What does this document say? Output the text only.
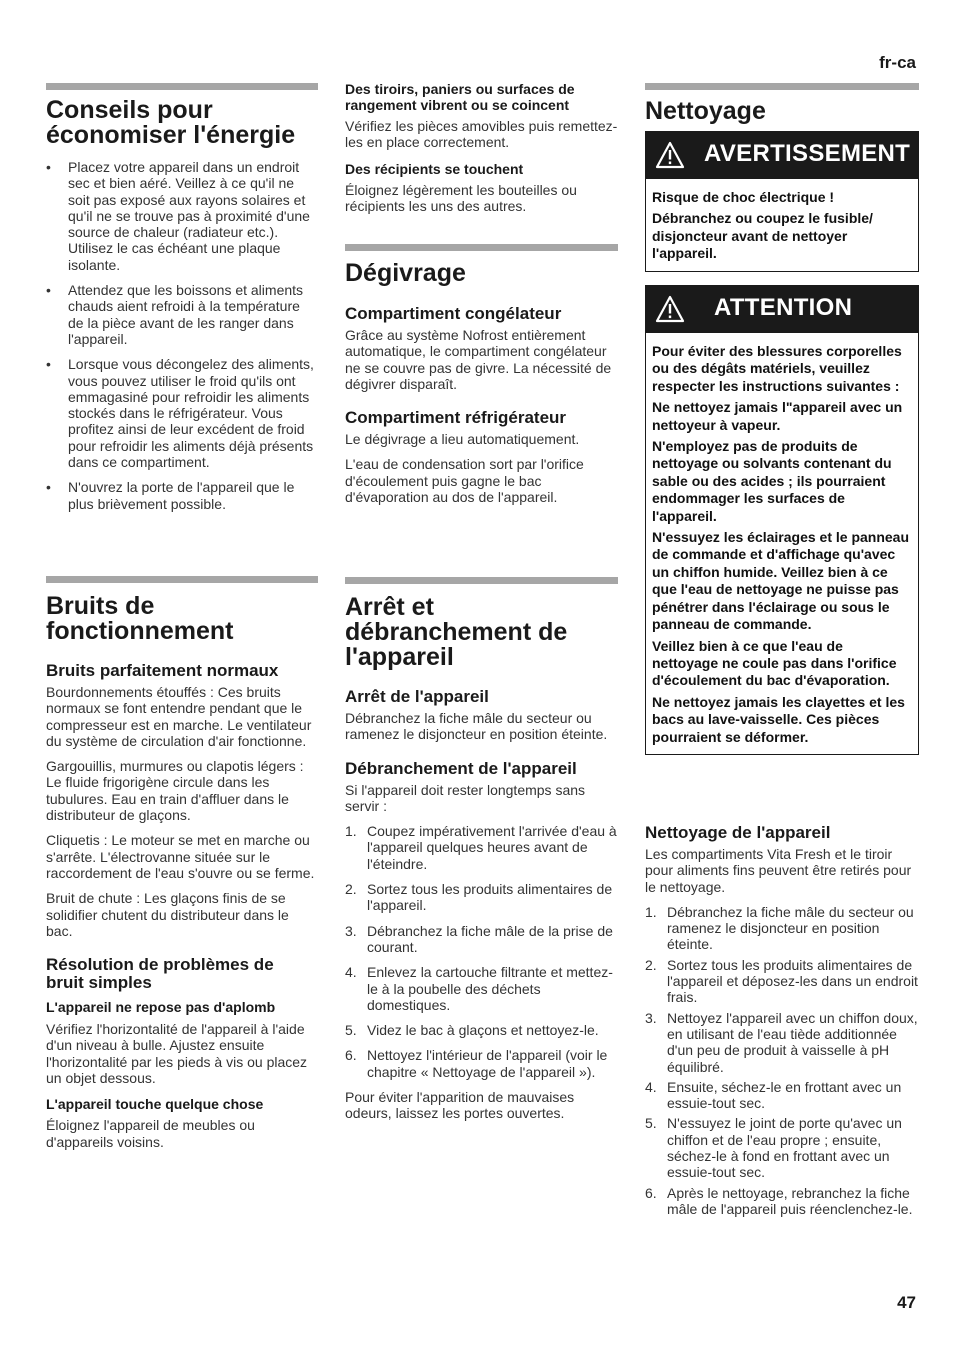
fr-ca
Conseils pour
économiser l'énergie
• Placez votre appareil dans un endroit sec et bien aéré. Veillez à ce qu'il ne soit pas exposé aux rayons solaires et qu'il ne se trouve pas à proximité d'une source de chaleur (radiateur etc.). Utilisez le cas échéant une plaque isolante.
• Attendez que les boissons et aliments chauds aient refroidi à la température de la pièce avant de les ranger dans l'appareil.
• Lorsque vous décongelez des aliments, vous pouvez utiliser le froid qu'ils ont emmagasiné pour refroidir les aliments stockés dans le réfrigérateur. Vous profitez ainsi de leur excédent de froid pour refroidir les aliments déjà présents dans ce compartiment.
• N'ouvrez la porte de l'appareil que le plus brièvement possible.
Bruits de
fonctionnement
Bruits parfaitement normaux

Bourdonnements étouffés : Ces bruits normaux se font entendre pendant que le compresseur est en marche. Le ventilateur du système de circulation d'air fonctionne.

Gargouillis, murmures ou clapotis légers : Le fluide frigorigène circule dans les tubulures. Eau en train d'affluer dans le distributeur de glaçons.

Cliquetis : Le moteur se met en marche ou s'arrête. L'électrovanne située sur le raccordement de l'eau s'ouvre ou se ferme.

Bruit de chute : Les glaçons finis de se solidifier chutent du distributeur dans le bac.

Résolution de problèmes de
bruit simples
L'appareil ne repose pas d'aplomb

Vérifiez l'horizontalité de l'appareil à l'aide d'un niveau à bulle. Ajustez ensuite l'horizontalité par les pieds à vis ou placez un objet dessous.

L'appareil touche quelque chose

Éloignez l'appareil de meubles ou d'appareils voisins.

Des tiroirs, paniers ou surfaces de rangement vibrent ou se coincent

Vérifiez les pièces amovibles puis remettez-les en place correctement.

Des récipients se touchent

Éloignez légèrement les bouteilles ou récipients les uns des autres.

Dégivrage
Compartiment congélateur

Grâce au système Nofrost entièrement automatique, le compartiment congélateur ne se couvre pas de givre. La nécessité de dégivrer disparaît.

Compartiment réfrigérateur

Le dégivrage a lieu automatiquement.

L'eau de condensation sort par l'orifice d'écoulement puis gagne le bac d'évaporation au dos de l'appareil.

Arrêt et
débranchement de
l'appareil
Arrêt de l'appareil

Débranchez la fiche mâle du secteur ou ramenez le disjoncteur en position éteinte.

Débranchement de l'appareil

Si l'appareil doit rester longtemps sans servir :

1. Coupez impérativement l'arrivée d'eau à l'appareil quelques heures avant de l'éteindre.
2. Sortez tous les produits alimentaires de l'appareil.
3. Débranchez la fiche mâle de la prise de courant.
4. Enlevez la cartouche filtrante et mettez-le à la poubelle des déchets domestiques.
5. Videz le bac à glaçons et nettoyez-le.
6. Nettoyez l'intérieur de l'appareil (voir le chapitre « Nettoyage de l'appareil »).

Pour éviter l'apparition de mauvaises odeurs, laissez les portes ouvertes.

Nettoyage
AVERTISSEMENT

Risque de choc électrique !

Débranchez ou coupez le fusible/ disjoncteur avant de nettoyer l'appareil.

ATTENTION

Pour éviter des blessures corporelles ou des dégâts matériels, veuillez respecter les instructions suivantes :

Ne nettoyez jamais l"appareil avec un nettoyeur à vapeur.

N'employez pas de produits de nettoyage ou solvants contenant du sable ou des acides ; ils pourraient endommager les surfaces de l'appareil.

N'essuyez les éclairages et le panneau de commande et d'affichage qu'avec un chiffon humide. Veillez bien à ce que l'eau de nettoyage ne puisse pas pénétrer dans l'éclairage ou sous le panneau de commande.

Veillez bien à ce que l'eau de nettoyage ne coule pas dans l'orifice d'écoulement du bac d'évaporation.

Ne nettoyez jamais les clayettes et les bacs au lave-vaisselle. Ces pièces pourraient se déformer.

Nettoyage de l'appareil

Les compartiments Vita Fresh et le tiroir pour aliments fins peuvent être retirés pour le nettoyage.

1. Débranchez la fiche mâle du secteur ou ramenez le disjoncteur en position éteinte.
2. Sortez tous les produits alimentaires de l'appareil et déposez-les dans un endroit frais.
3. Nettoyez l'appareil avec un chiffon doux, en utilisant de l'eau tiède additionnée d'un peu de produit à vaisselle à pH équilibré.
4. Ensuite, séchez-le en frottant avec un essuie-tout sec.
5. N'essuyez le joint de porte qu'avec un chiffon et de l'eau propre ; ensuite, séchez-le à fond en frottant avec un essuie-tout sec.
6. Après le nettoyage, rebranchez la fiche mâle de l'appareil puis réenclenchez-le.
47
